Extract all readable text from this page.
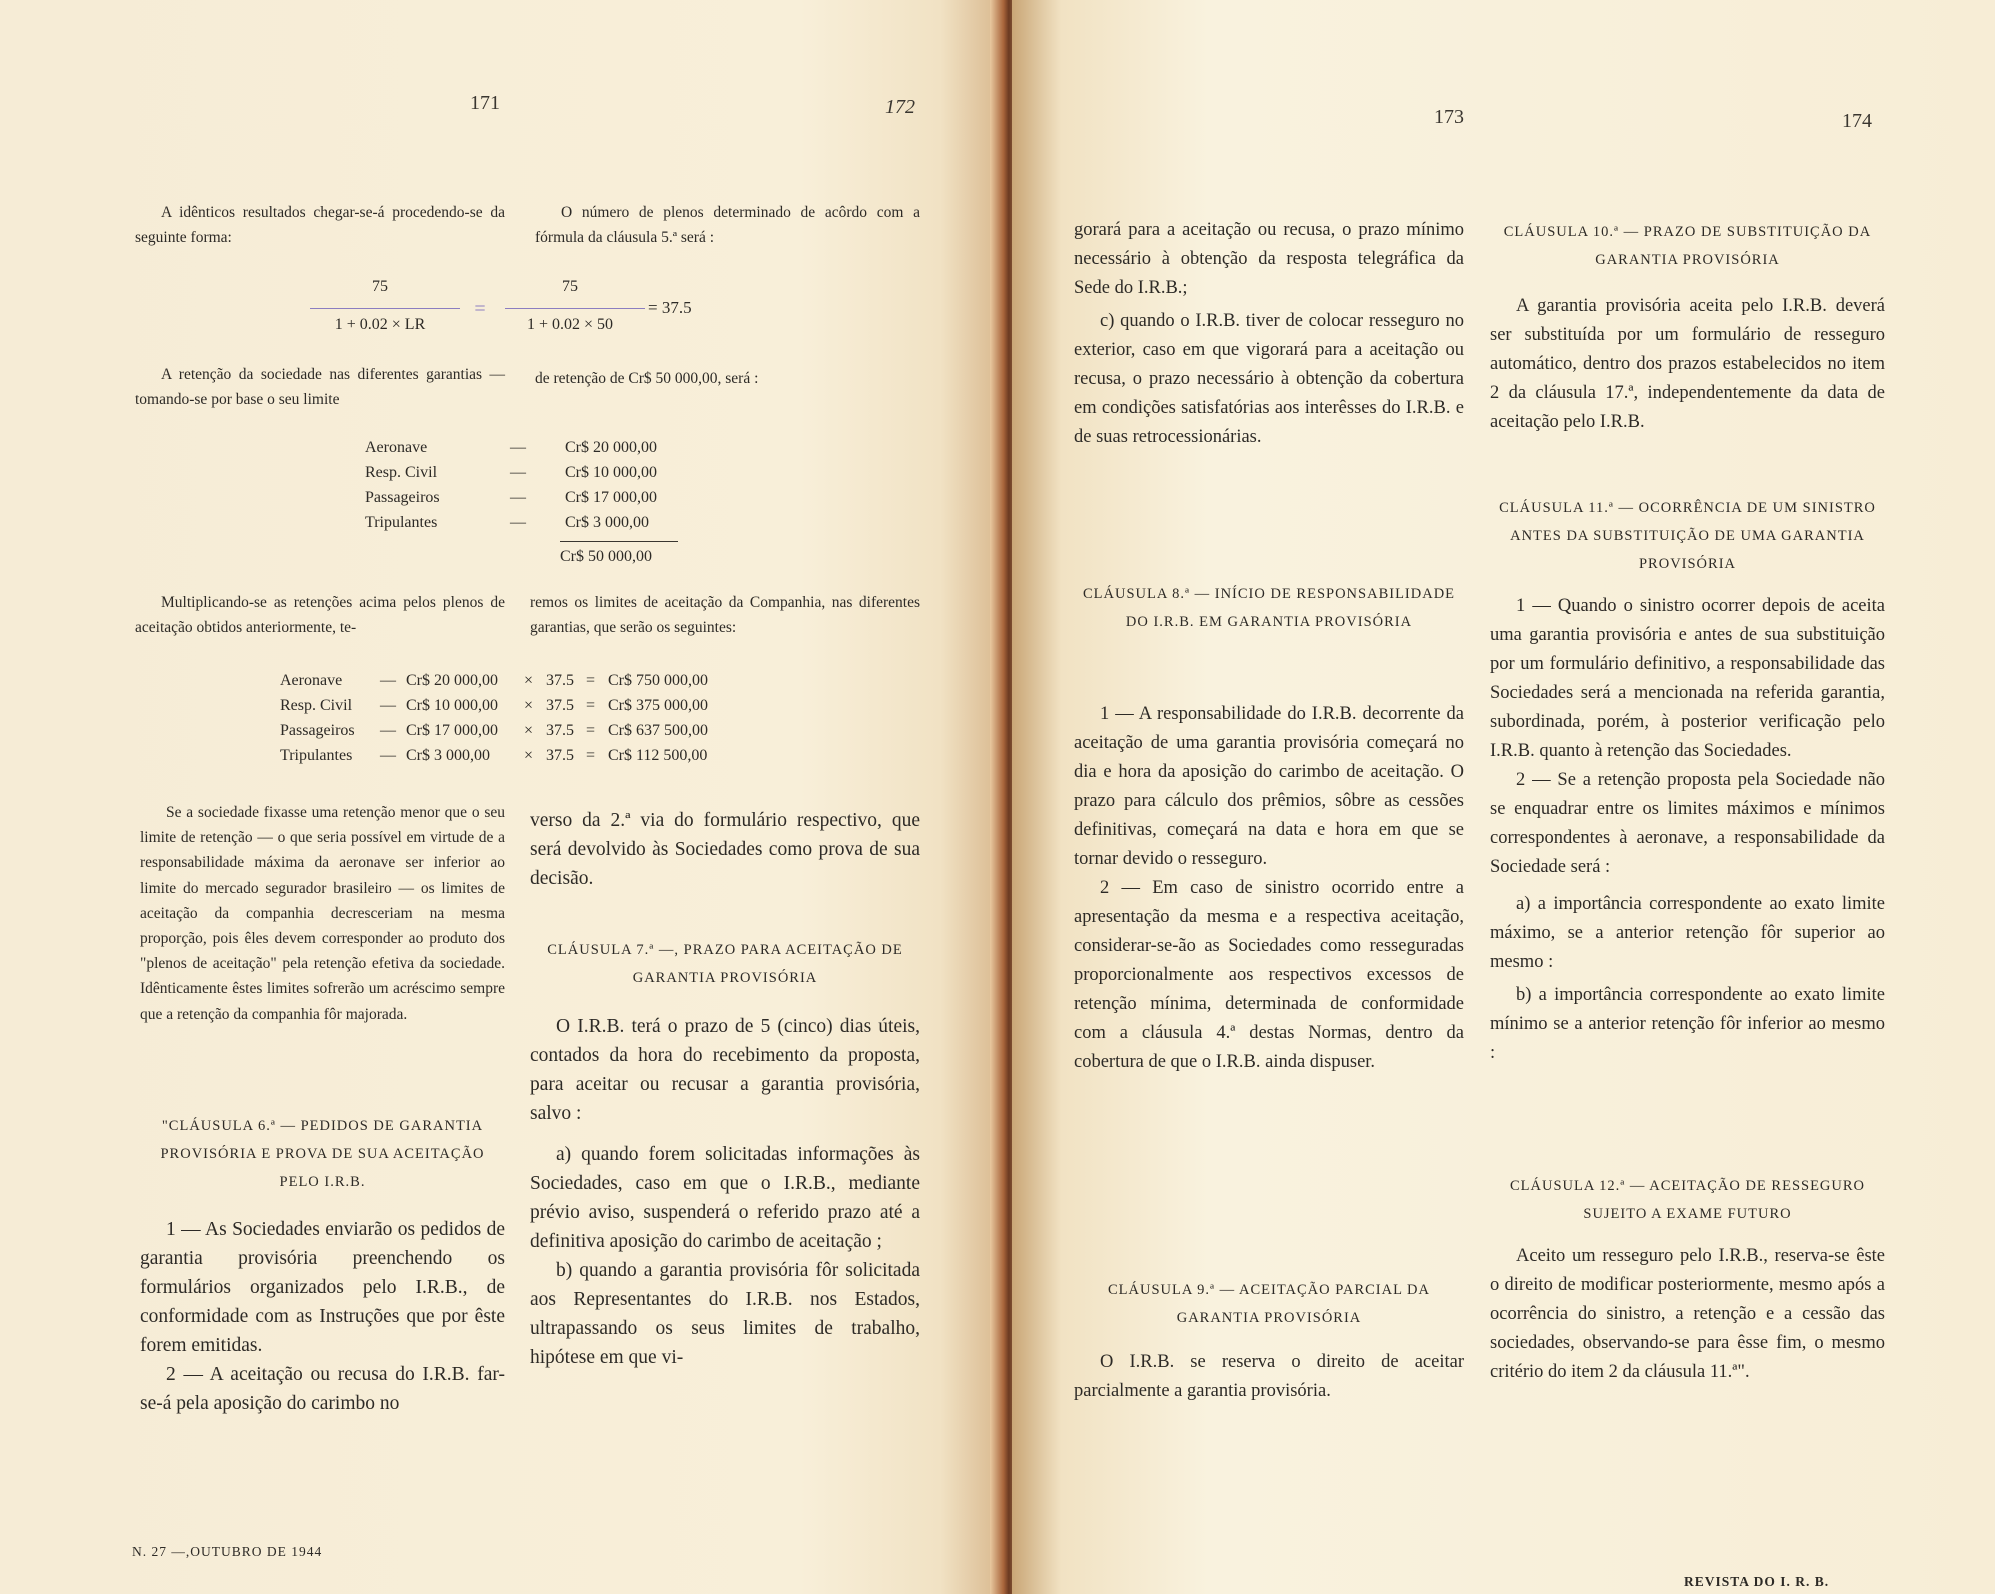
171	172

A idênticos resultados chegar-se-á procedendo-se da seguinte forma:

75
1 + 0.02 × LR
=

A retenção da sociedade nas diferentes garantias — tomando-se por base o seu limite

Multiplicando-se as retenções acima pelos plenos de aceitação obtidos anteriormente, te-

Se a sociedade fixasse uma retenção menor que o seu limite de retenção — o que seria possível em virtude de a responsabilidade máxima da aeronave ser inferior ao limite do mercado segurador brasileiro — os limites de aceitação da companhia decresceriam na mesma proporção, pois êles devem corresponder ao produto dos "plenos de aceitação" pela retenção efetiva da sociedade. Idênticamente êstes limites sofrerão um acréscimo sempre que a retenção da companhia fôr majorada.

"CLÁUSULA 6.ª — PEDIDOS DE GARANTIA PROVISÓRIA E PROVA DE SUA ACEITAÇÃO PELO I.R.B.

1 — As Sociedades enviarão os pedidos de garantia provisória preenchendo os formulários organizados pelo I.R.B., de conformidade com as Instruções que por êste forem emitidas.

2 — A aceitação ou recusa do I.R.B. far-se-á pela aposição do carimbo no

O número de plenos determinado de acôrdo com a fórmula da cláusula 5.ª será :

75
1 + 0.02 × 50
= 37.5

de retenção de Cr$ 50 000,00, será :

Aeronave	—	Cr$ 20 000,00
Resp. Civil	—	Cr$ 10 000,00
Passageiros	—	Cr$ 17 000,00
Tripulantes	—	Cr$ 3 000,00
Cr$ 50 000,00

remos os limites de aceitação da Companhia, nas diferentes garantias, que serão os seguintes:

Aeronave	— Cr$ 20 000,00	× 37.5 = Cr$ 750 000,00
Resp. Civil	— Cr$ 10 000,00	× 37.5 = Cr$ 375 000,00
Passageiros	— Cr$ 17 000,00	× 37.5 = Cr$ 637 500,00
Tripulantes	— Cr$ 3 000,00	× 37.5 = Cr$ 112 500,00

verso da 2.ª via do formulário respectivo, que será devolvido às Sociedades como prova de sua decisão.

CLÁUSULA 7.ª —, PRAZO PARA ACEITAÇÃO DE GARANTIA PROVISÓRIA

O I.R.B. terá o prazo de 5 (cinco) dias úteis, contados da hora do recebimento da proposta, para aceitar ou recusar a garantia provisória, salvo :

a) quando forem solicitadas informações às Sociedades, caso em que o I.R.B., mediante prévio aviso, suspenderá o referido prazo até a definitiva aposição do carimbo de aceitação ;

b) quando a garantia provisória fôr solicitada aos Representantes do I.R.B. nos Estados, ultrapassando os seus limites de trabalho, hipótese em que vi-

N. 27 —,OUTUBRO DE 1944
173	174

gorará para a aceitação ou recusa, o prazo mínimo necessário à obtenção da resposta telegráfica da Sede do I.R.B.;

c) quando o I.R.B. tiver de colocar resseguro no exterior, caso em que vigorará para a aceitação ou recusa, o prazo necessário à obtenção da cobertura em condições satisfatórias aos interêsses do I.R.B. e de suas retrocessionárias.

CLÁUSULA 8.ª — INÍCIO DE RESPONSABILIDADE DO I.R.B. EM GARANTIA PROVISÓRIA

1 — A responsabilidade do I.R.B. decorrente da aceitação de uma garantia provisória começará no dia e hora da aposição do carimbo de aceitação. O prazo para cálculo dos prêmios, sôbre as cessões definitivas, começará na data e hora em que se tornar devido o resseguro.

2 — Em caso de sinistro ocorrido entre a apresentação da mesma e a respectiva aceitação, considerar-se-ão as Sociedades como resseguradas proporcionalmente aos respectivos excessos de retenção mínima, determinada de conformidade com a cláusula 4.ª destas Normas, dentro da cobertura de que o I.R.B. ainda dispuser.

CLÁUSULA 9.ª — ACEITAÇÃO PARCIAL DA GARANTIA PROVISÓRIA

O I.R.B. se reserva o direito de aceitar parcialmente a garantia provisória.

CLÁUSULA 10.ª — PRAZO DE SUBSTITUIÇÃO DA GARANTIA PROVISÓRIA

A garantia provisória aceita pelo I.R.B. deverá ser substituída por um formulário de resseguro automático, dentro dos prazos estabelecidos no item 2 da cláusula 17.ª, independentemente da data de aceitação pelo I.R.B.

CLÁUSULA 11.ª — OCORRÊNCIA DE UM SINISTRO ANTES DA SUBSTITUIÇÃO DE UMA GARANTIA PROVISÓRIA

1 — Quando o sinistro ocorrer depois de aceita uma garantia provisória e antes de sua substituição por um formulário definitivo, a responsabilidade das Sociedades será a mencionada na referida garantia, subordinada, porém, à posterior verificação pelo I.R.B. quanto à retenção das Sociedades.

2 — Se a retenção proposta pela Sociedade não se enquadrar entre os limites máximos e mínimos correspondentes à aeronave, a responsabilidade da Sociedade será :

a) a importância correspondente ao exato limite máximo, se a anterior retenção fôr superior ao mesmo :

b) a importância correspondente ao exato limite mínimo se a anterior retenção fôr inferior ao mesmo :

CLÁUSULA 12.ª — ACEITAÇÃO DE RESSEGURO SUJEITO A EXAME FUTURO

Aceito um resseguro pelo I.R.B., reserva-se êste o direito de modificar posteriormente, mesmo após a ocorrência do sinistro, a retenção e a cessão das sociedades, observando-se para êsse fim, o mesmo critério do item 2 da cláusula 11.ª".

REVISTA DO I. R. B.
